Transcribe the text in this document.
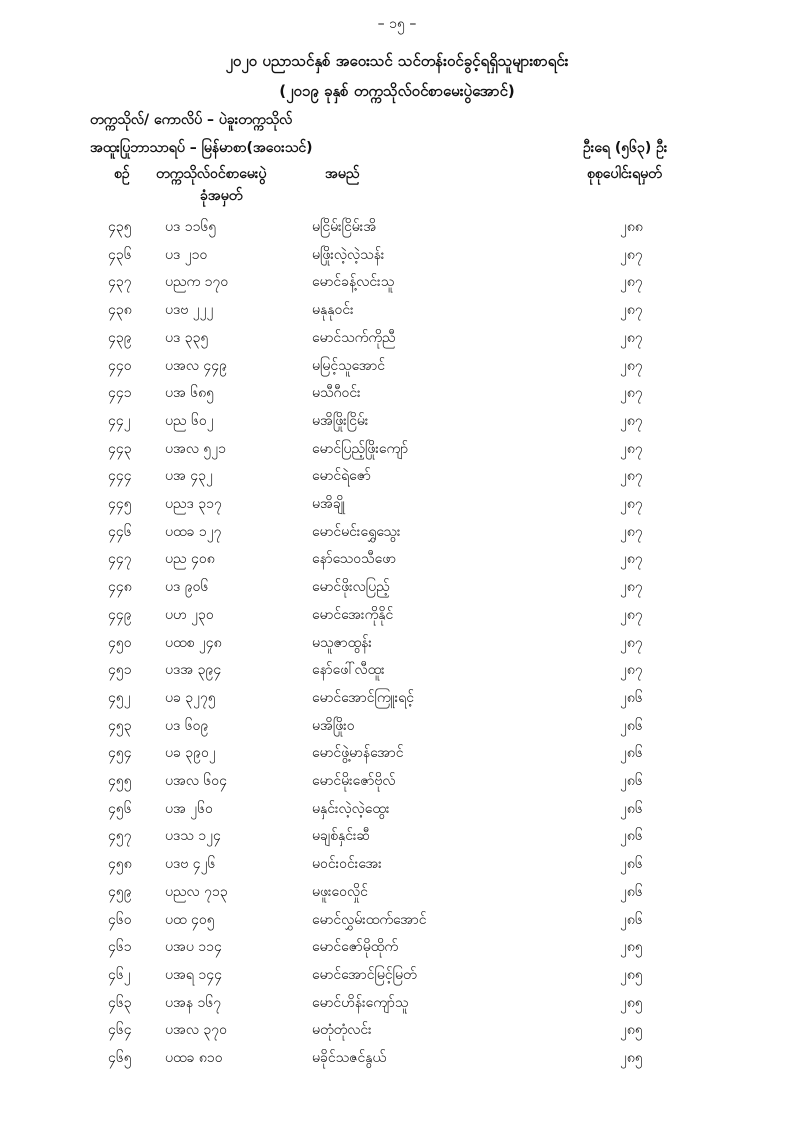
– ၁၅ –
၂၀၂၀ ပညာသင်နှစ် အဝေးသင် သင်တန်းဝင်ခွင့်ရရှိသူများစာရင်း
(၂၀၁၉ ခုနှစ် တက္ကသိုလ်ဝင်စာမေးပွဲအောင်)
တက္ကသိုလ်/ ကောလိပ် – ပဲခူးတက္ကသိုလ်
အထူးပြုဘာသာရပ် – မြန်မာစာ(အဝေးသင်)	ဦးရေ (၅၆၃) ဦး
စဉ် တက္ကသိုလ်ဝင်စာမေးပွဲ
ခုံအမှတ်
အမည်	စုစုပေါင်းရမှတ်
၄၃၅ ပဒ ၁၁၆၅	မငြိမ်းငြိမ်းအိ	၂၈၈
၄၃၆ ပဒ ၂၁၀	မဖြိုးလဲ့လဲ့သန်း	၂၈၇
၄၃၇ ပညက ၁၇၀	မောင်ခန့်လင်းသူ	၂၈၇
၄၃၈ ပဒဗ ၂၂၂	မနုနုဝင်း	၂၈၇
၄၃၉ ပဒ ၃၃၅	မောင်သက်ကိုညီ	၂၈၇
၄၄၀ ပအလ ၄၄၉	မမြင့်သူအောင်	၂၈၇
၄၄၁ ပအ ၆၈၅	မသီဂီဝင်း	၂၈၇
၄၄၂ ပည ၆၀၂	မအိဖြိုးငြိမ်း	၂၈၇
၄၄၃ ပအလ ၅၂၁	မောင်ပြည့်ဖြိုးကျော်	၂၈၇
၄၄၄ ပအ ၄၃၂	မောင်ရဲဇော်	၂၈၇
၄၄၅ ပညဒ ၃၁၇	မအိချို	၂၈၇
၄၄၆ ပထခ ၁၂၇	မောင်မင်းရွှေသွေး	၂၈၇
၄၄၇ ပည ၄၀၈	နော်သေဝသီဖော	၂၈၇
၄၄၈ ပဒ ၉၀၆	မောင်ဖိုးလပြည့်	၂၈၇
၄၄၉ ပဟ ၂၃၀	မောင်အေးကိုနိုင်	၂၈၇
၄၅၀ ပထစ ၂၄၈	မသူဇာထွန်း	၂၈၇
၄၅၁ ပဒအ ၃၉၄	နော်ဖေါ်လီထူး	၂၈၇
၄၅၂ ပခ ၃၂၇၅	မောင်အောင်ကြူးရင့်	၂၈၆
၄၅၃ ပဒ ၆၀၉	မအိဖြိုးဝ	၂၈၆
၄၅၄ ပခ ၃၉၀၂	မောင်ဖွဲ့မာန်အောင်	၂၈၆
၄၅၅ ပအလ ၆၀၄	မောင်မိုးဇော်ဗိုလ်	၂၈၆
၄၅၆ ပအ ၂၆၀	မနှင်းလဲ့လဲ့ထွေး	၂၈၆
၄၅၇ ပဒသ ၁၂၄	မချစ်နှင်းဆီ	၂၈၆
၄၅၈ ပဒဗ ၄၂၆	မဝင်းဝင်းအေး	၂၈၆
၄၅၉ ပညလ ၇၁၃	မဖူးဝေလှိုင်	၂၈၆
၄၆၀ ပထ ၄၀၅	မောင်လွှမ်းထက်အောင်	၂၈၆
၄၆၁ ပအပ ၁၁၄	မောင်ဇော်မိုထိုက်	၂၈၅
၄၆၂ ပအရ ၁၄၄	မောင်အောင်မြင့်မြတ်	၂၈၅
၄၆၃ ပအန ၁၆၇	မောင်ဟိန်းကျော်သူ	၂၈၅
၄၆၄ ပအလ ၃၇၀	မတုံတုံလင်း	၂၈၅
၄၆၅ ပထခ ၈၁၀	မခိုင်သဇင်နွယ်	၂၈၅
